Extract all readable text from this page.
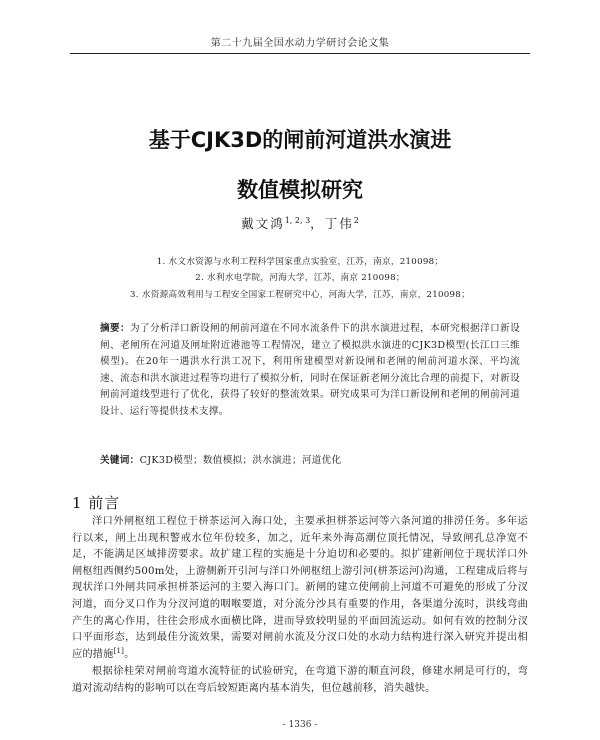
第二十九届全国水动力学研讨会论文集
基于CJK3D的闸前河道洪水演进
数值模拟研究
戴文鸿$^{1, 2, 3}$，丁伟$^2$
1. 水文水资源与水利工程科学国家重点实验室，江苏，南京，210098；
2. 水利水电学院，河海大学，江苏，南京 210098；
3. 水资源高效利用与工程安全国家工程研究中心，河海大学，江苏，南京，210098；
摘要：为了分析洋口新设闸的闸前河道在不同水流条件下的洪水演进过程，本研究根据洋口新设闸、老闸所在河道及闸址附近港池等工程情况，建立了模拟洪水演进的CJK3D模型(长江口三维模型)。在20年一遇洪水行洪工况下，利用所建模型对新设闸和老闸的闸前河道水深、平均流速、流态和洪水演进过程等均进行了模拟分析，同时在保证新老闸分流比合理的前提下，对新设闸前河道线型进行了优化，获得了较好的整流效果。研究成果可为洋口新设闸和老闸的闸前河道设计、运行等提供技术支撑。
关键词：CJK3D模型；数值模拟；洪水演进；河道优化
1 前言
洋口外闸枢纽工程位于栟茶运河入海口处，主要承担栟茶运河等六条河道的排涝任务。多年运行以来，闸上出现积警戒水位年份较多，加之，近年来外海高潮位顶托情况，导致闸孔总净宽不足，不能满足区域排涝要求。故扩建工程的实施是十分迫切和必要的。拟扩建新闸位于现状洋口外闸枢纽西侧约500m处，上游侧新开引河与洋口外闸枢纽上游引河(栟茶运河)沟通，工程建成后将与现状洋口外闸共同承担栟茶运河的主要入海口门。新闸的建立使闸前上河道不可避免的形成了分汊河道，而分叉口作为分汊河道的咽喉要道，对分流分沙具有重要的作用，各渠道分流时，洪线弯曲产生的离心作用，往往会形成水面横比降，进而导致较明显的平面回流运动。如何有效的控制分汊口平面形态，达到最佳分流效果，需要对闸前水流及分汊口处的水动力结构进行深入研究并提出相应的措施[1]。
根据徐桂荣对闸前弯道水流特征的试验研究，在弯道下游的顺直河段，修建水闸是可行的，弯道对流动结构的影响可以在弯后较短距离内基本消失，但位越前移，消失越快。
- 1336 -
